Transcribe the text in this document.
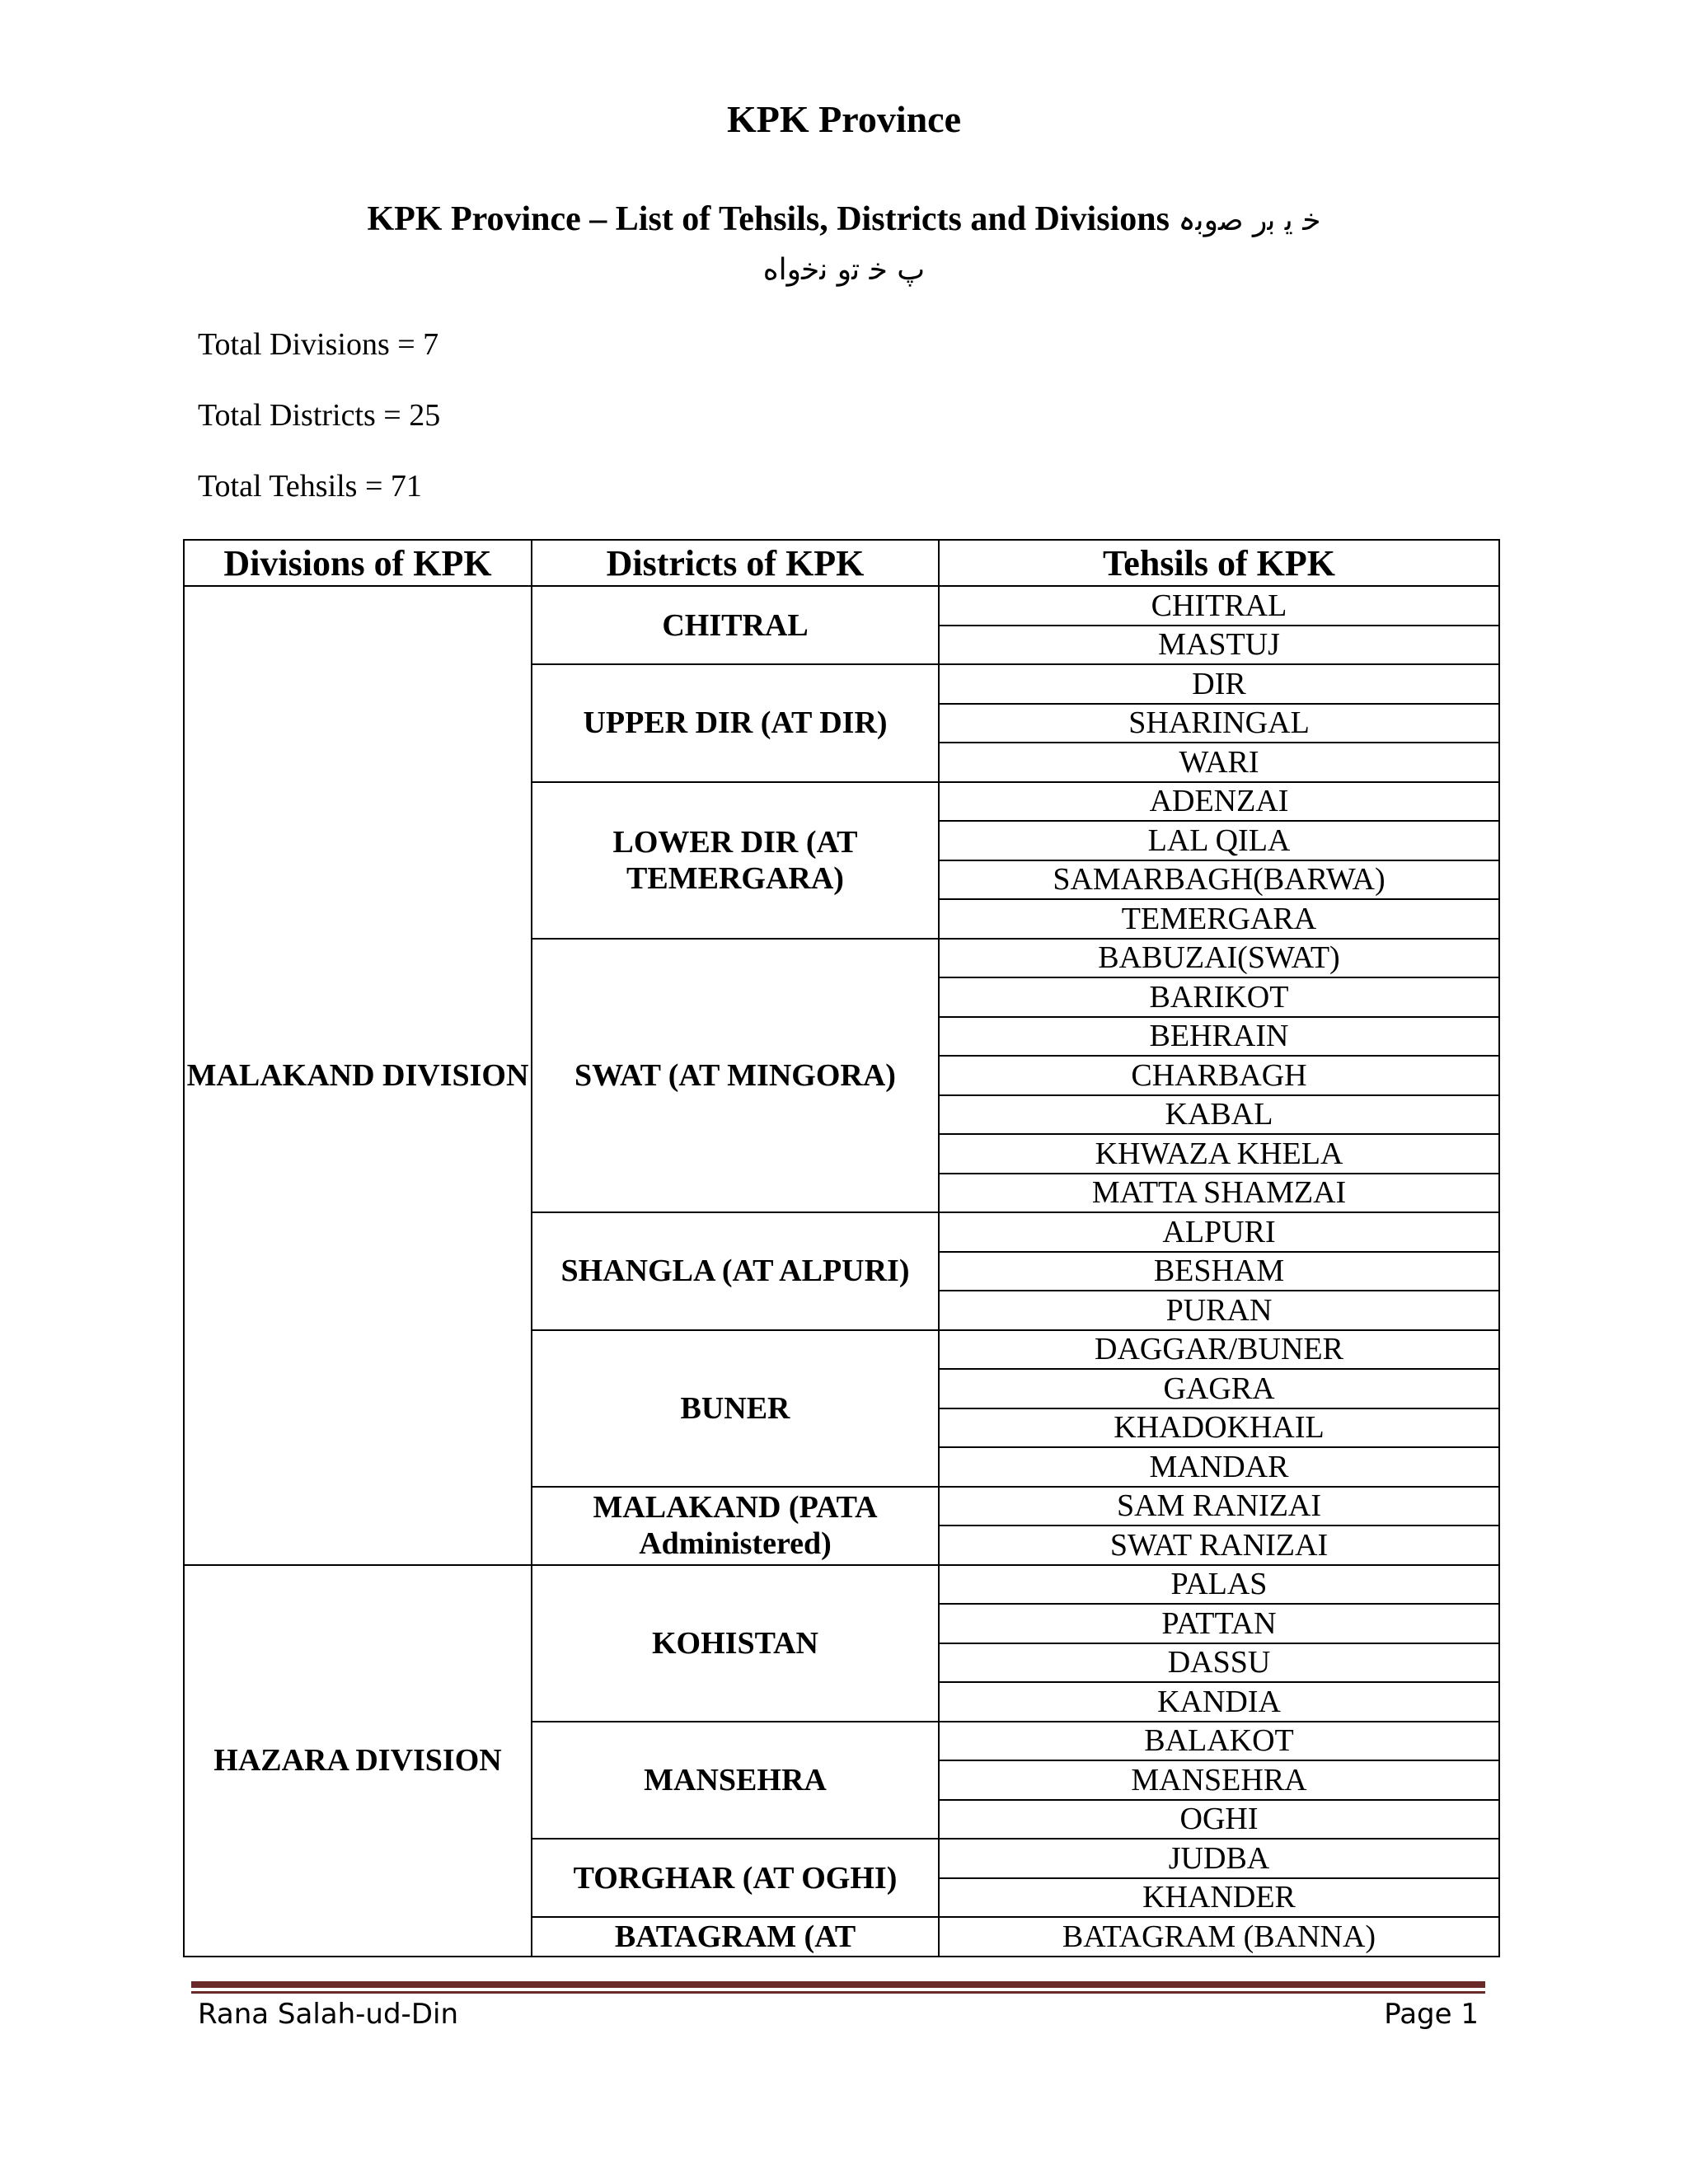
KPK Province
KPK Province – List of Tehsils, Districts and Divisions ﺧ ﯾ ﺑر ﺻوﺑہ
پ ﺧ ﺗو ﻧﺧواه
Total Divisions = 7
Total Districts = 25
Total Tehsils = 71
Divisions of KPK	Districts of KPK	Tehsils of KPK
MALAKAND DIVISION	CHITRAL	CHITRAL
		MASTUJ
	UPPER DIR (AT DIR)	DIR
		SHARINGAL
		WARI
	LOWER DIR (AT TEMERGARA)	ADENZAI
		LAL QILA
		SAMARBAGH(BARWA)
		TEMERGARA
	SWAT (AT MINGORA)	BABUZAI(SWAT)
		BARIKOT
		BEHRAIN
		CHARBAGH
		KABAL
		KHWAZA KHELA
		MATTA SHAMZAI
	SHANGLA (AT ALPURI)	ALPURI
		BESHAM
		PURAN
	BUNER	DAGGAR/BUNER
		GAGRA
		KHADOKHAIL
		MANDAR
	MALAKAND (PATA Administered)	SAM RANIZAI
		SWAT RANIZAI
HAZARA DIVISION	KOHISTAN	PALAS
		PATTAN
		DASSU
		KANDIA
	MANSEHRA	BALAKOT
		MANSEHRA
		OGHI
	TORGHAR (AT OGHI)	JUDBA
		KHANDER
	BATAGRAM (AT	BATAGRAM (BANNA)
Rana Salah-ud-Din	Page 1
